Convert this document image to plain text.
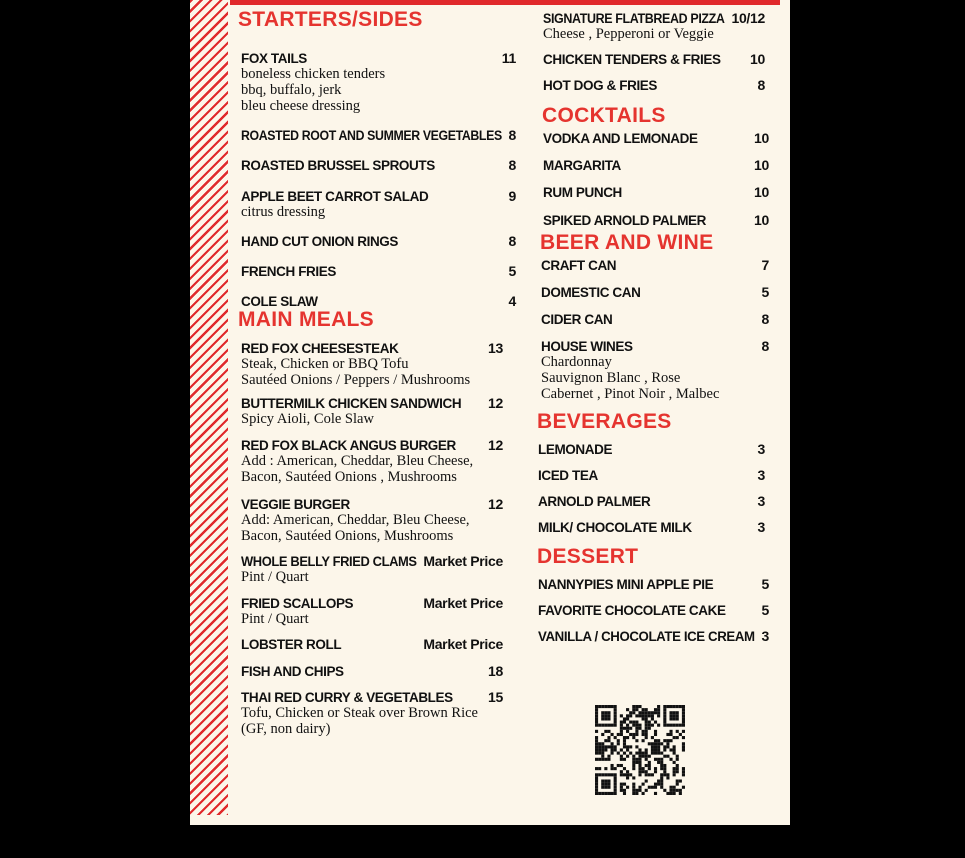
STARTERS/SIDES
FOX TAILS	11
boneless chicken tenders
bbq, buffalo, jerk
bleu cheese dressing
ROASTED ROOT AND SUMMER VEGETABLES 8
ROASTED BRUSSEL SPROUTS	8
APPLE BEET CARROT SALAD	9
citrus dressing
HAND CUT ONION RINGS	8
FRENCH FRIES	5
COLE SLAW	4
MAIN MEALS
RED FOX CHEESESTEAK	13
Steak, Chicken or BBQ Tofu
Sautéed Onions / Peppers / Mushrooms
BUTTERMILK CHICKEN SANDWICH 12
Spicy Aioli, Cole Slaw
RED FOX BLACK ANGUS BURGER 12
Add : American, Cheddar, Bleu Cheese,
Bacon, Sautéed Onions , Mushrooms
VEGGIE BURGER	12
Add: American, Cheddar, Bleu Cheese,
Bacon, Sautéed Onions, Mushrooms
WHOLE BELLY FRIED CLAMS Market Price
Pint / Quart
FRIED SCALLOPS	Market Price
Pint / Quart
LOBSTER ROLL	Market Price
FISH AND CHIPS	18
THAI RED CURRY & VEGETABLES	15
Tofu, Chicken or Steak over Brown Rice
(GF, non dairy)
SIGNATURE FLATBREAD PIZZA 10/12
Cheese , Pepperoni or Veggie
CHICKEN TENDERS & FRIES 10
HOT DOG & FRIES	8
COCKTAILS
VODKA AND LEMONADE	10
MARGARITA	10
RUM PUNCH	10
SPIKED ARNOLD PALMER	10
BEER AND WINE
CRAFT CAN	7
DOMESTIC CAN	5
CIDER CAN	8
HOUSE WINES	8
Chardonnay
Sauvignon Blanc , Rose
Cabernet , Pinot Noir , Malbec
BEVERAGES
LEMONADE	3
ICED TEA	3
ARNOLD PALMER	3
MILK/ CHOCOLATE MILK	3
DESSERT
NANNYPIES MINI APPLE PIE	5
FAVORITE CHOCOLATE CAKE	5
VANILLA / CHOCOLATE ICE CREAM 3
